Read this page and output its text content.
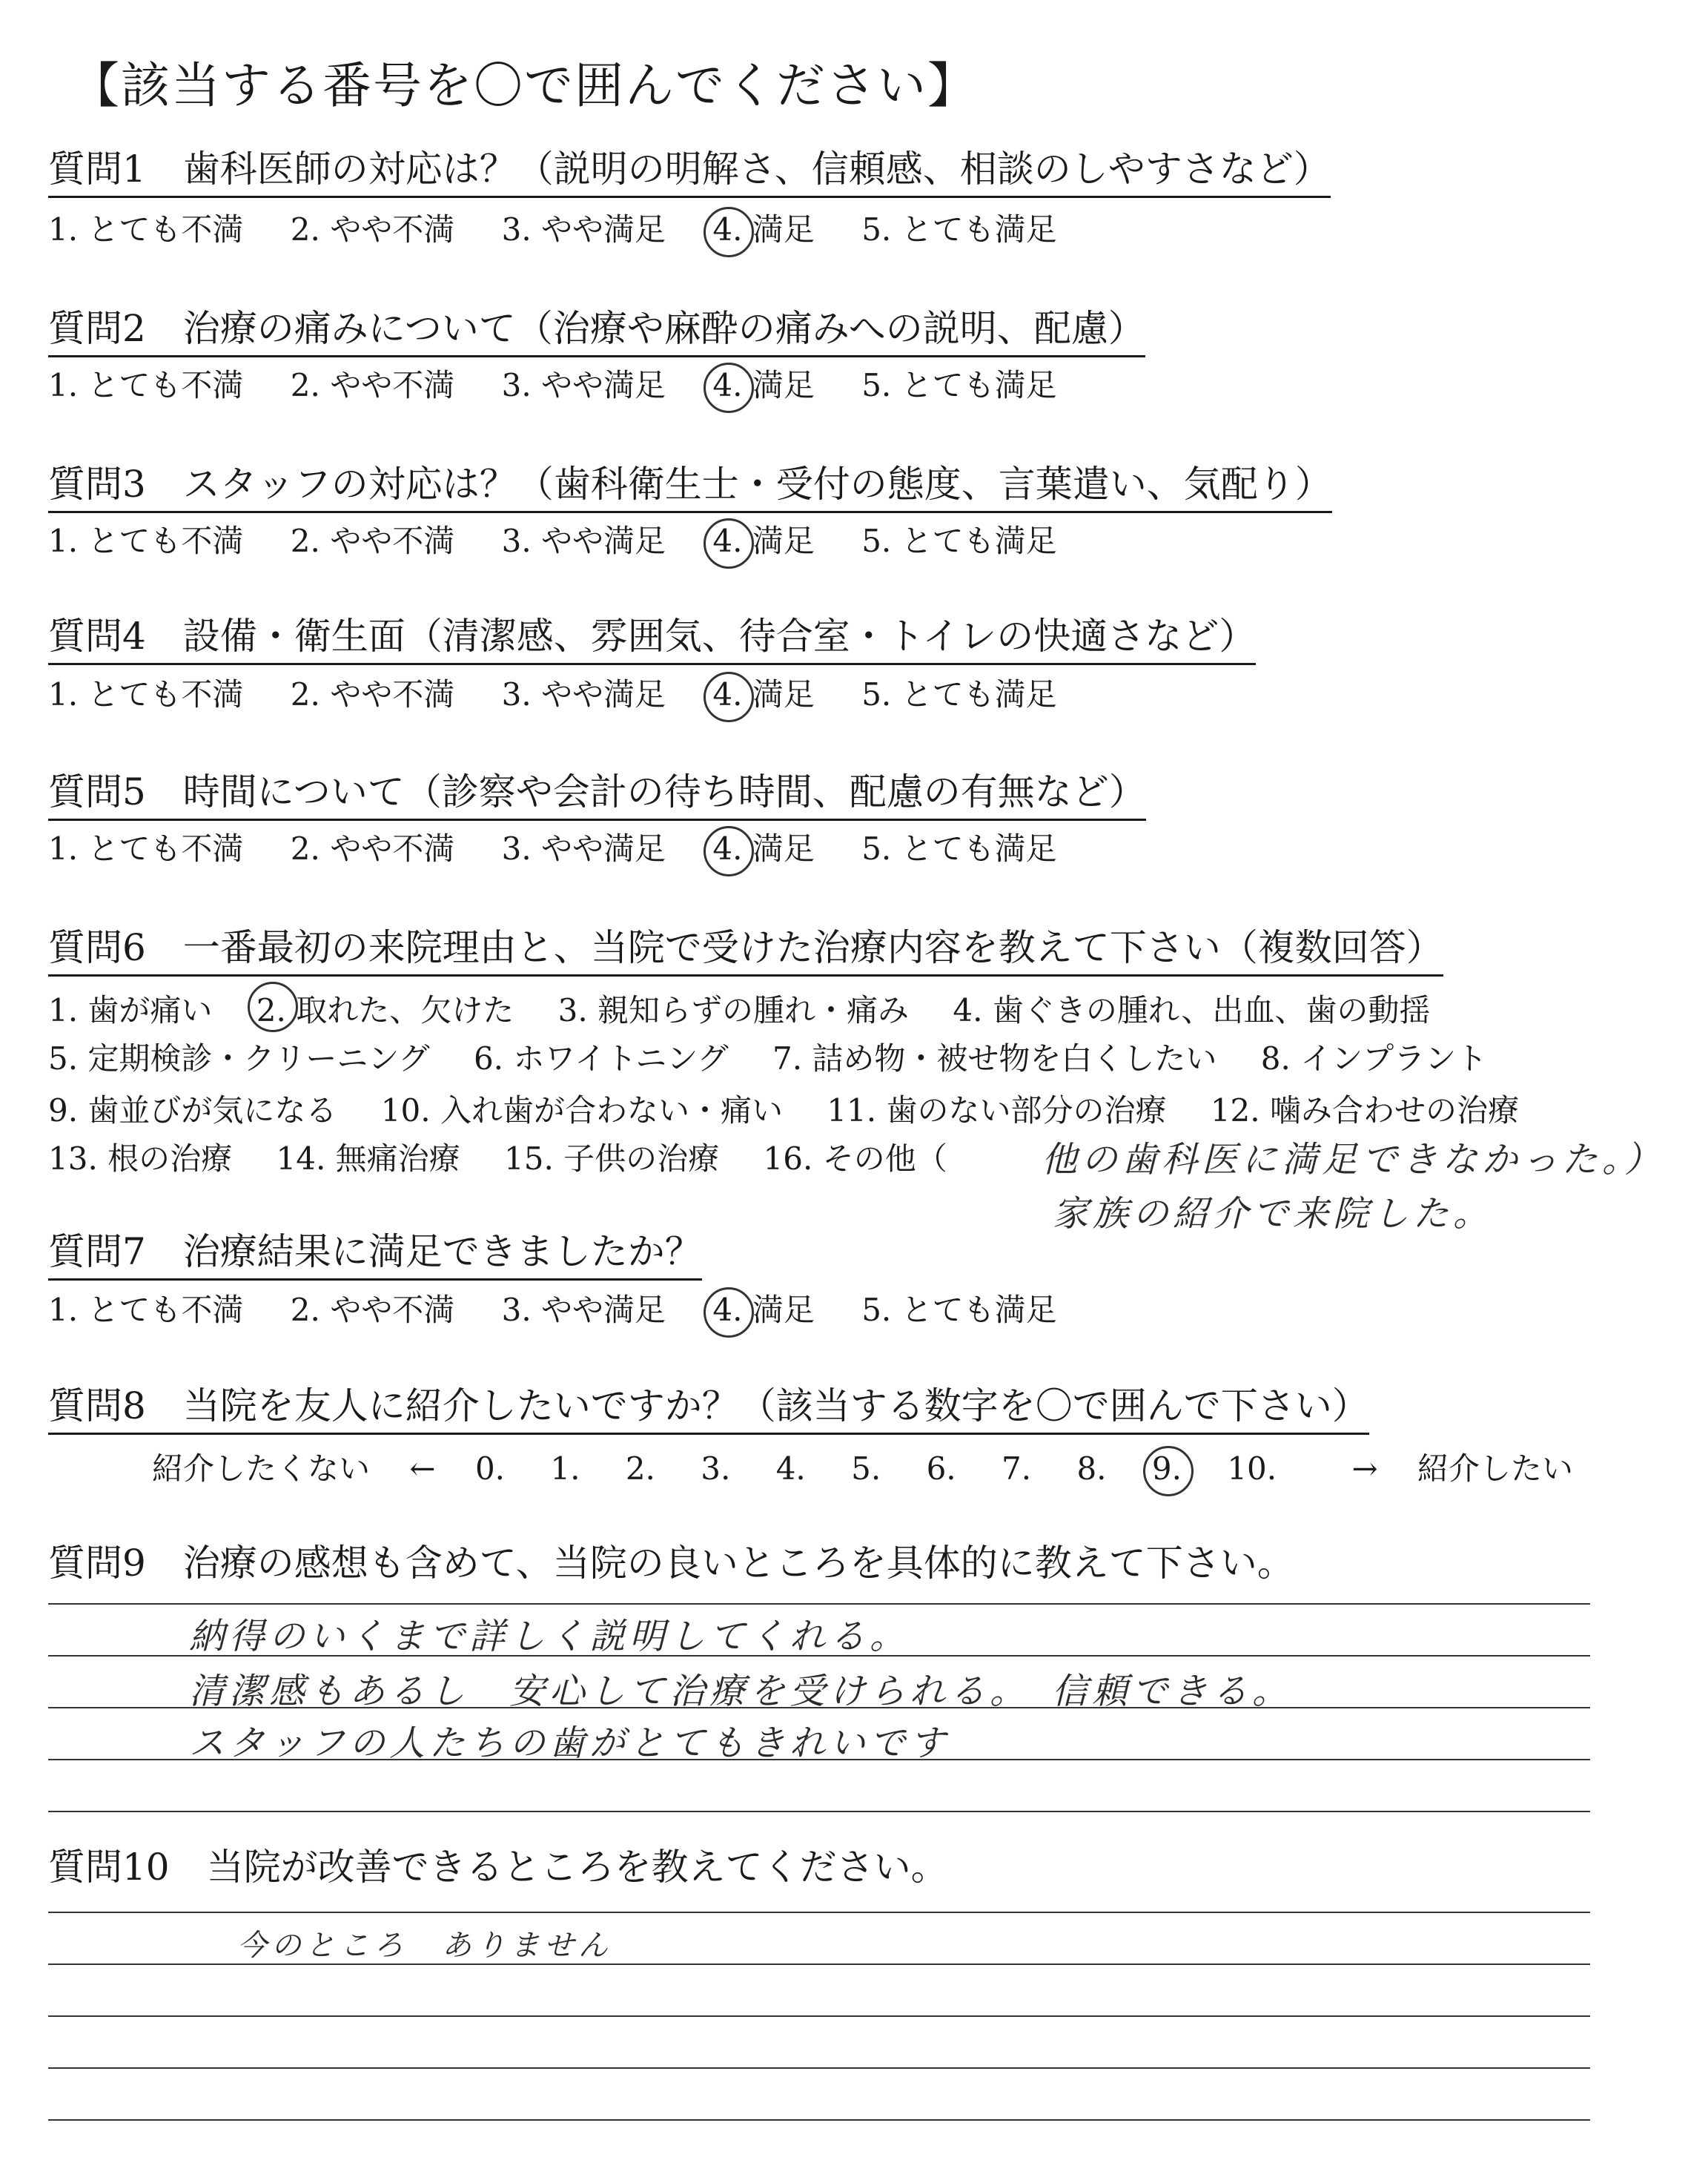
【該当する番号を〇で囲んでください】
質問1　歯科医師の対応は？（説明の明解さ、信頼感、相談のしやすさなど）
1. とても不満 2. やや不満 3. やや満足 4. 満足 5. とても満足
質問2　治療の痛みについて（治療や麻酔の痛みへの説明、配慮）
1. とても不満 2. やや不満 3. やや満足 4. 満足 5. とても満足
質問3　スタッフの対応は？（歯科衛生士・受付の態度、言葉遣い、気配り）
1. とても不満 2. やや不満 3. やや満足 4. 満足 5. とても満足
質問4　設備・衛生面（清潔感、雰囲気、待合室・トイレの快適さなど）
1. とても不満 2. やや不満 3. やや満足 4. 満足 5. とても満足
質問5　時間について（診察や会計の待ち時間、配慮の有無など）
1. とても不満 2. やや不満 3. やや満足 4. 満足 5. とても満足
質問6　一番最初の来院理由と、当院で受けた治療内容を教えて下さい（複数回答）
1. 歯が痛い 2. 取れた、欠けた 3. 親知らずの腫れ・痛み 4. 歯ぐきの腫れ、出血、歯の動揺
5. 定期検診・クリーニング 6. ホワイトニング 7. 詰め物・被せ物を白くしたい 8. インプラント
9. 歯並びが気になる 10. 入れ歯が合わない・痛い 11. 歯のない部分の治療 12. 噛み合わせの治療
13. 根の治療 14. 無痛治療 15. 子供の治療 16. その他（	他の歯科医に満足できなかった。）
家族の紹介で来院した。
質問7　治療結果に満足できましたか？
1. とても不満 2. やや不満 3. やや満足 4. 満足 5. とても満足
質問8　当院を友人に紹介したいですか？（該当する数字を〇で囲んで下さい）
紹介したくない ← 0. 1. 2. 3. 4. 5. 6. 7. 8. 9. 10. → 紹介したい
質問9　治療の感想も含めて、当院の良いところを具体的に教えて下さい。
納得のいくまで詳しく説明してくれる。
清潔感もあるし　安心して治療を受けられる。　信頼できる。
スタッフの人たちの歯がとてもきれいです
質問10　当院が改善できるところを教えてください。
今のところ　ありません
